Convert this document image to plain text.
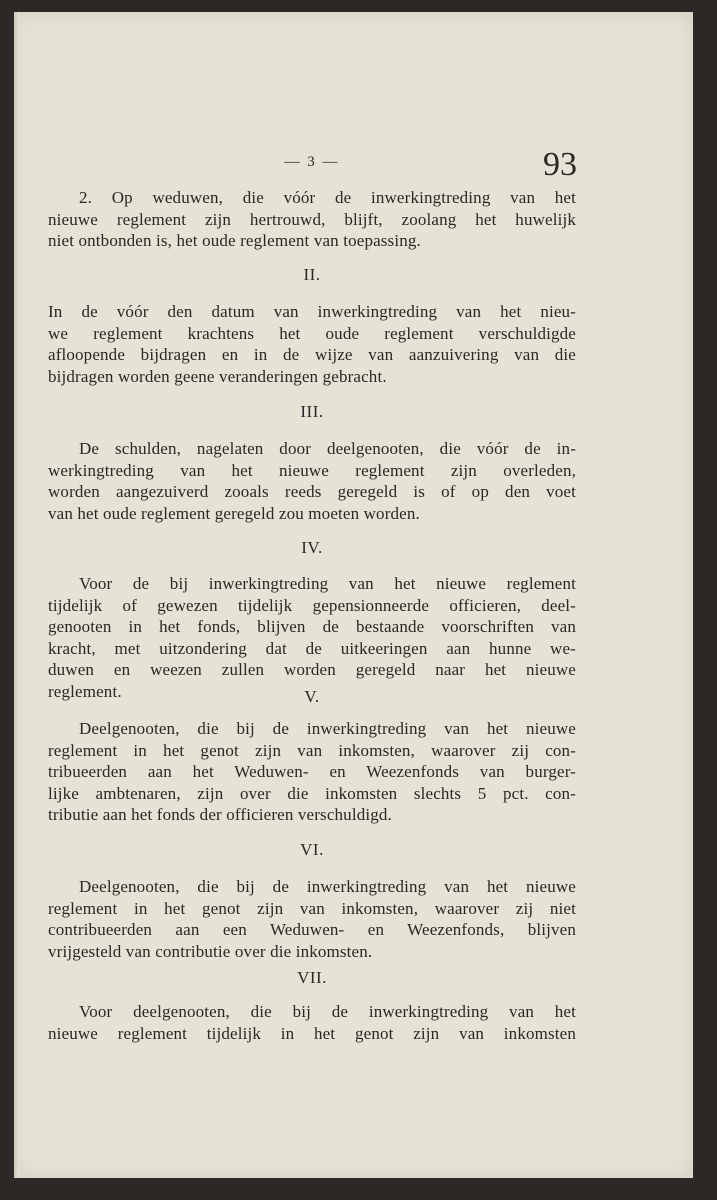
— 3 —	93
2. Op weduwen, die vóór de inwerkingtreding van het
nieuwe reglement zijn hertrouwd, blijft, zoolang het huwelijk
niet ontbonden is, het oude reglement van toepassing.
II.
In de vóór den datum van inwerkingtreding van het nieu-
we reglement krachtens het oude reglement verschuldigde
afloopende bijdragen en in de wijze van aanzuivering van die
bijdragen worden geene veranderingen gebracht.
III.
De schulden, nagelaten door deelgenooten, die vóór de in-
werkingtreding van het nieuwe reglement zijn overleden,
worden aangezuiverd zooals reeds geregeld is of op den voet
van het oude reglement geregeld zou moeten worden.
IV.
Voor de bij inwerkingtreding van het nieuwe reglement
tijdelijk of gewezen tijdelijk gepensionneerde officieren, deel-
genooten in het fonds, blijven de bestaande voorschriften van
kracht, met uitzondering dat de uitkeeringen aan hunne we-
duwen en weezen zullen worden geregeld naar het nieuwe
reglement.	V.
Deelgenooten, die bij de inwerkingtreding van het nieuwe
reglement in het genot zijn van inkomsten, waarover zij con-
tribueerden aan het Weduwen- en Weezenfonds van burger-
lijke ambtenaren, zijn over die inkomsten slechts 5 pct. con-
tributie aan het fonds der officieren verschuldigd.
VI.
Deelgenooten, die bij de inwerkingtreding van het nieuwe
reglement in het genot zijn van inkomsten, waarover zij niet
contribueerden aan een Weduwen- en Weezenfonds, blijven
vrijgesteld van contributie over die inkomsten.
VII.
Voor deelgenooten, die bij de inwerkingtreding van het
nieuwe reglement tijdelijk in het genot zijn van inkomsten
